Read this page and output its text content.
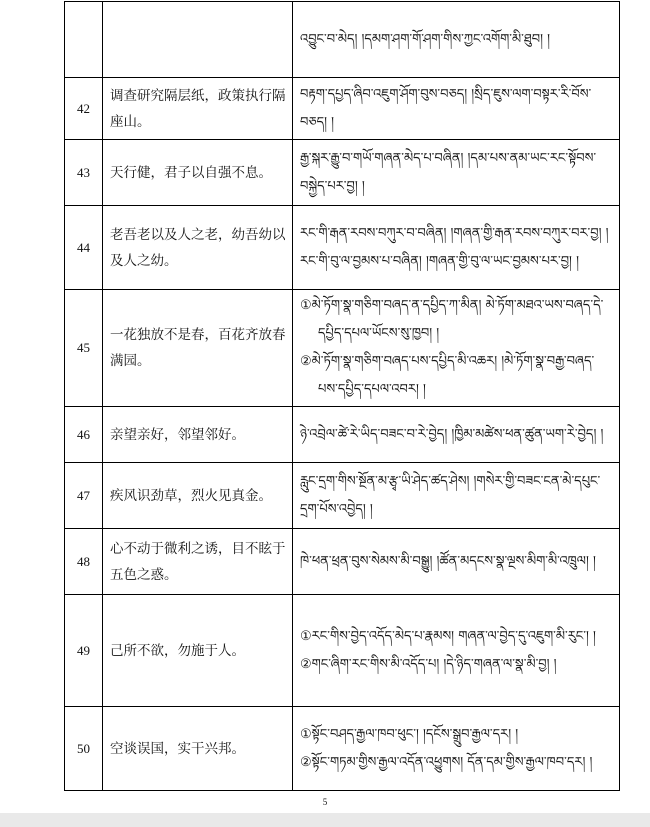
		འབྱུང་བ་མེད། །དམག་ཤག་གོ་ཤག་གིས་ཀྱང་འགོག་མི་ཐུབ། །
42	调查研究隔层纸，政策执行隔座山。	བརྟག་དཔྱད་ཞིབ་འཇུག་ཤོག་བུས་བཅད། །སྲིད་ཇུས་ལག་བསྟར་རི་བོས་བཅད། །
43	天行健，君子以自强不息。	རྒྱ་སྐར་རྒྱུ་བ་གཡོ་གཞན་མེད་པ་བཞིན། །དམ་པས་ནམ་ཡང་རང་སྟོབས་བསྐྱེད་པར་བྱ། །
44	老吾老以及人之老，幼吾幼以及人之幼。	རང་གི་རྒན་རབས་བཀུར་བ་བཞིན། །གཞན་གྱི་རྒན་རབས་བཀུར་བར་བྱ། །རང་གི་བུ་ལ་བྱམས་པ་བཞིན། །གཞན་གྱི་བུ་ལ་ཡང་བྱམས་པར་བྱ། །
45	一花独放不是春，百花齐放春满园。	①མེ་ཏོག་སྣ་གཅིག་བཞད་ན་དཔྱིད་ཀ་མིན། མེ་ཏོག་མཐའ་ཡས་བཞད་དེ་དཔྱིད་དཔལ་ཡོངས་སུ་ཁྱབ། །
②མེ་ཏོག་སྣ་གཅིག་བཞད་པས་དཔྱིད་མི་འཆར། །མེ་ཏོག་སྣ་བརྒྱ་བཞད་པས་དཔྱིད་དཔལ་འབར། །

46	亲望亲好，邻望邻好。	ཉེ་འབྲེལ་ཚེ་རེ་ཡིད་བཟང་བ་རེ་བྱེད། །ཁྱིམ་མཚེས་ཕན་ཚུན་ཡག་རེ་བྱེད། །
47	疾风识劲草，烈火见真金。	རླུང་དྲག་གིས་སྔོན་མ་རྩྭ་ཡི་ཤེད་ཚད་ཤེས། །གསེར་གྱི་བཟང་ངན་མེ་དཔུང་དྲག་པོས་འབྱེད། །
48	心不动于微利之诱，目不眩于五色之惑。	ཁེ་ཕན་ཕྲན་བུས་སེམས་མི་བསྒྱུ། །ཚོན་མདངས་སྣ་ལྔས་མིག་མི་འཁྲུལ། །
49	己所不欲，勿施于人。	①རང་གིས་བྱེད་འདོད་མེད་པ་རྣམས། གཞན་ལ་བྱེད་དུ་འཇུག་མི་རུང་། །
②གང་ཞིག་རང་གིས་མི་འདོད་པ། །དེ་ཉིད་གཞན་ལ་སྣ་མི་བྱ། །

50	空谈误国，实干兴邦。	①སྟོང་བཤད་རྒྱལ་ཁབ་ཕུང་། །དངོས་སྒྲུབ་རྒྱལ་དར། །
②སྟོང་གཏམ་གྱིས་རྒྱལ་འདོན་འཕྱུགས། དོན་དམ་གྱིས་རྒྱལ་ཁབ་དར། །
5
